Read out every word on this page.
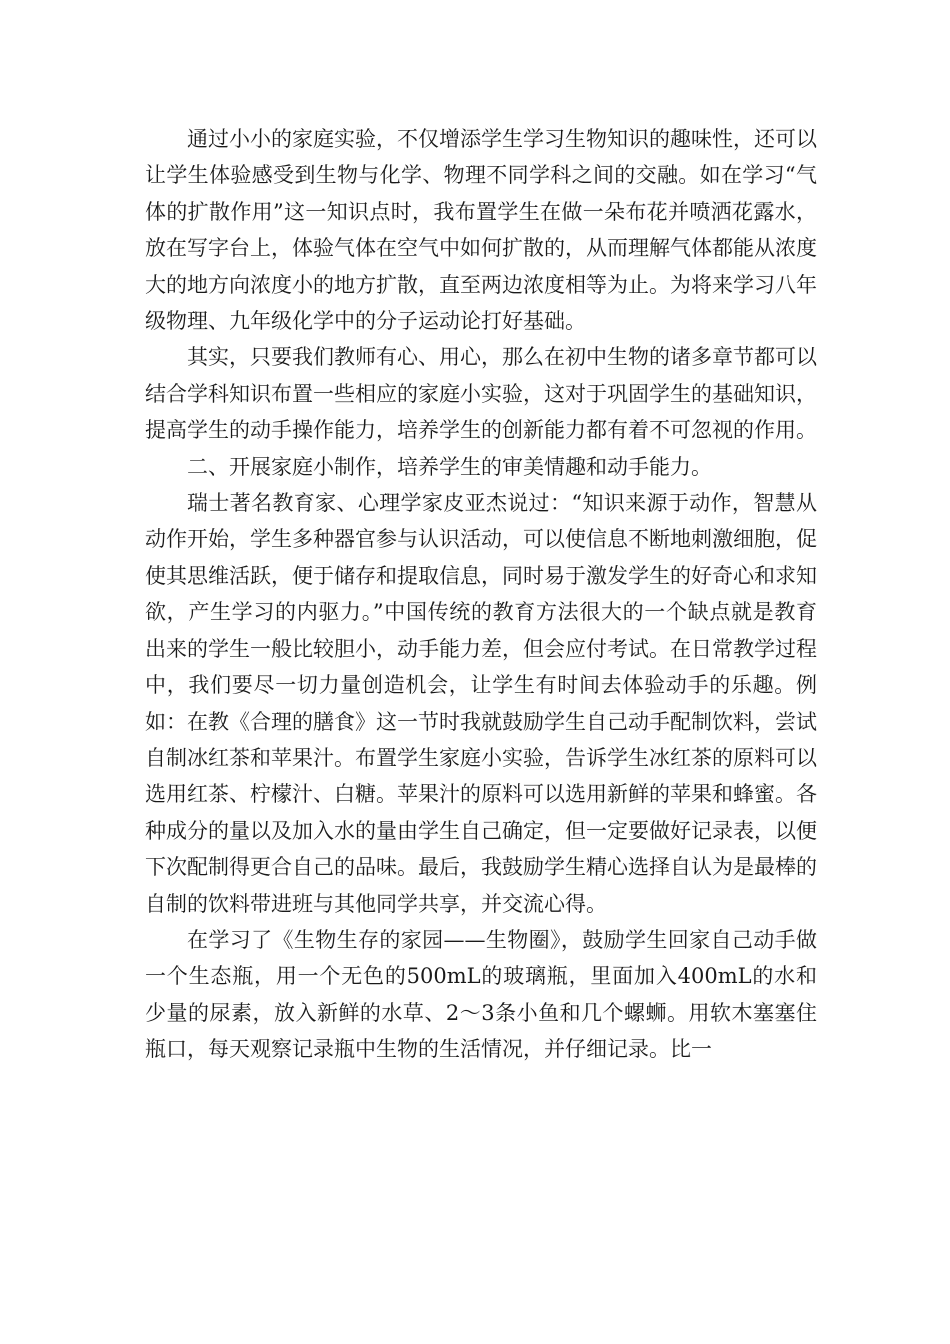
通过小小的家庭实验，不仅增添学生学习生物知识的趣味性，还可以让学生体验感受到生物与化学、物理不同学科之间的交融。如在学习“气体的扩散作用”这一知识点时，我布置学生在做一朵布花并喷洒花露水，放在写字台上，体验气体在空气中如何扩散的，从而理解气体都能从浓度大的地方向浓度小的地方扩散，直至两边浓度相等为止。为将来学习八年级物理、九年级化学中的分子运动论打好基础。

其实，只要我们教师有心、用心，那么在初中生物的诸多章节都可以结合学科知识布置一些相应的家庭小实验，这对于巩固学生的基础知识，提高学生的动手操作能力，培养学生的创新能力都有着不可忽视的作用。

二、开展家庭小制作，培养学生的审美情趣和动手能力。

瑞士著名教育家、心理学家皮亚杰说过：“知识来源于动作，智慧从动作开始，学生多种器官参与认识活动，可以使信息不断地刺激细胞，促使其思维活跃，便于储存和提取信息，同时易于激发学生的好奇心和求知欲，产生学习的内驱力。”中国传统的教育方法很大的一个缺点就是教育出来的学生一般比较胆小，动手能力差，但会应付考试。在日常教学过程中，我们要尽一切力量创造机会，让学生有时间去体验动手的乐趣。例如：在教《合理的膳食》这一节时我就鼓励学生自己动手配制饮料，尝试自制冰红茶和苹果汁。布置学生家庭小实验，告诉学生冰红茶的原料可以选用红茶、柠檬汁、白糖。苹果汁的原料可以选用新鲜的苹果和蜂蜜。各种成分的量以及加入水的量由学生自己确定，但一定要做好记录表，以便下次配制得更合自己的品味。最后，我鼓励学生精心选择自认为是最棒的自制的饮料带进班与其他同学共享，并交流心得。

在学习了《生物生存的家园——生物圈》，鼓励学生回家自己动手做一个生态瓶，用一个无色的500mL的玻璃瓶，里面加入400mL的水和少量的尿素，放入新鲜的水草、2～3条小鱼和几个螺蛳。用软木塞塞住瓶口，每天观察记录瓶中生物的生活情况，并仔细记录。比一
